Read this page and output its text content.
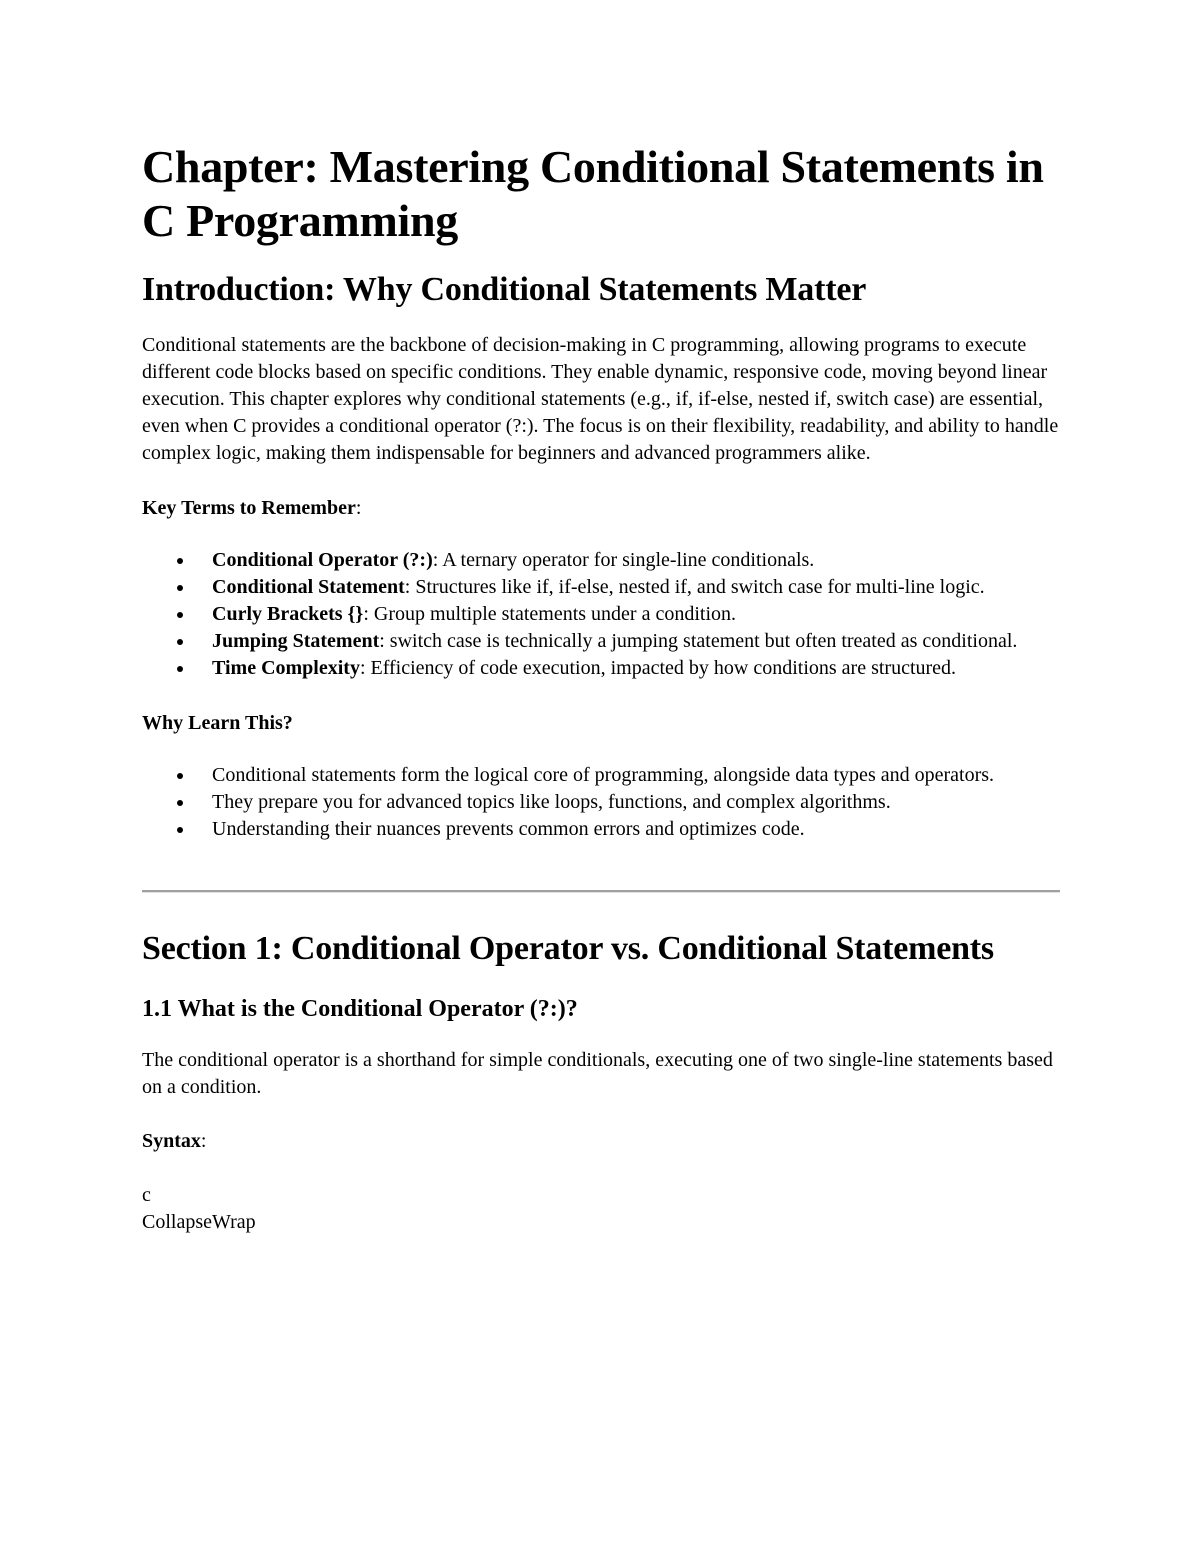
Chapter: Mastering Conditional Statements in C Programming
Introduction: Why Conditional Statements Matter

Conditional statements are the backbone of decision-making in C programming, allowing programs to execute different code blocks based on specific conditions. They enable dynamic, responsive code, moving beyond linear execution. This chapter explores why conditional statements (e.g., if, if-else, nested if, switch case) are essential, even when C provides a conditional operator (?:). The focus is on their flexibility, readability, and ability to handle complex logic, making them indispensable for beginners and advanced programmers alike.

Key Terms to Remember:

Conditional Operator (?:): A ternary operator for single-line conditionals.
Conditional Statement: Structures like if, if-else, nested if, and switch case for multi-line logic.
Curly Brackets {}: Group multiple statements under a condition.
Jumping Statement: switch case is technically a jumping statement but often treated as conditional.
Time Complexity: Efficiency of code execution, impacted by how conditions are structured.

Why Learn This?

Conditional statements form the logical core of programming, alongside data types and operators.
They prepare you for advanced topics like loops, functions, and complex algorithms.
Understanding their nuances prevents common errors and optimizes code.
Section 1: Conditional Operator vs. Conditional Statements
1.1 What is the Conditional Operator (?:)?

The conditional operator is a shorthand for simple conditionals, executing one of two single-line statements based on a condition.

Syntax:

c

CollapseWrap
